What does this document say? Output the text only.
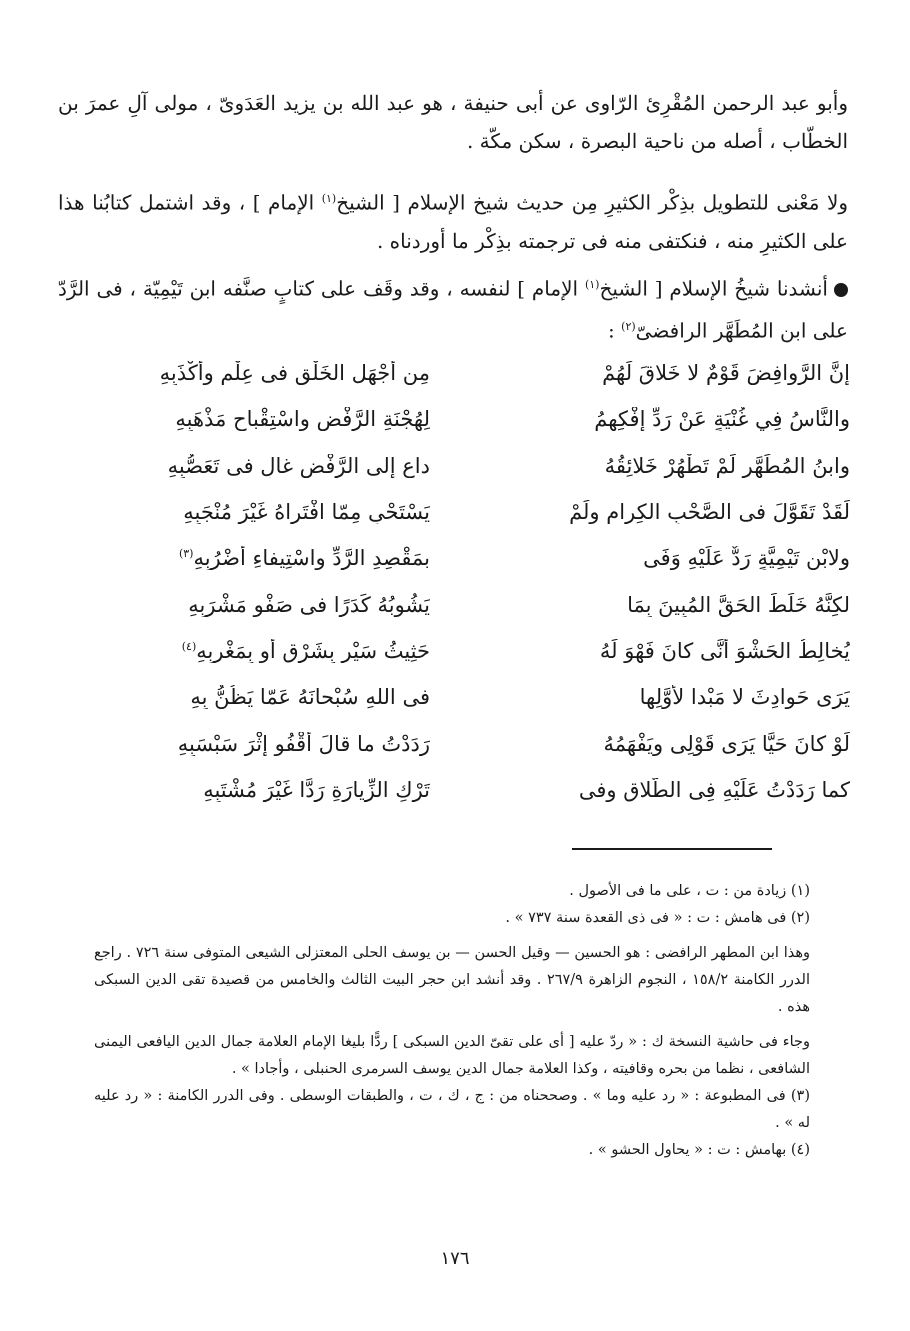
وأبو عبد الرحمن المُقْرِئ الرّاوى عن أبى حنيفة ، هو عبد الله بن يزيد العَدَوىّ ، مولى آلِ عمرَ بن الخطّاب ، أصله من ناحية البصرة ، سكن مكّة .

ولا مَعْنى للتطويل بذِكْر الكثيرِ مِن حديث شيخ الإسلام [ الشيخ$^{(١)}$ الإمام ] ، وقد اشتمل كتابُنا هذا على الكثيرِ منه ، فنكتفى منه فى ترجمته بذِكْر ما أوردناه .

أنشدنا شيخُ الإسلام [ الشيخ$^{(١)}$ الإمام ] لنفسه ، وقد وقَف على كتابٍ صنَّفه ابن تَيْمِيّة ، فى الرَّدّ على ابن المُطَهَّر الرافضىّ$^{(٢)}$ :

إنَّ الرَّوافِضَ قَوْمٌ لا خَلاقَ لَهُمْ
مِن أجْهَلِ الخَلْقِ فى عِلْمٍ وأَكْذَبِهِ
والنَّاسُ فِي غُنْيَةٍ عَنْ رَدِّ إفْكِهِمُ
لِهُجْنَةِ الرَّفْضِ واسْتِقْباحِ مَذْهَبِهِ
وابنُ المُطَهَّرِ لَمْ تَطْهُرْ خَلائِقُهُ
داعٍ إلى الرَّفْضِ غالٍ فى تَعَصُّبِهِ
لَقَدْ تَقَوَّلَ فى الصَّحْبِ الكِرامِ ولَمْ
يَسْتَحْىِ مِمّا افْتَراهُ غَيْرَ مُنْجَبِهِ
ولابْنِ تَيْمِيَّةٍ رَدٌّ عَلَيْهِ وَفَى
بمَقْصِدِ الرَّدِّ واسْتِيفاءِ أضْرُبِهِ$^{(٣)}$
لكِنَّهُ خَلَطَ الحَقَّ المُبِينَ بِمَا
يَشُوبُهُ كَدَرًا فى صَفْوِ مَشْرَبِهِ
يُخالِطُ الحَشْوَ أنَّى كانَ فَهْوَ لَهُ
حَثِيثُ سَيْرٍ بِشَرْقٍ أو بِمَغْرِبِهِ$^{(٤)}$
يَرَى حَوادِثَ لا مَبْدا لأَوَّلِها
فى اللهِ سُبْحانَهُ عَمّا يَظُنُّ بِهِ
لَوْ كانَ حَيًّا يَرَى قَوْلِى ويَفْهَمُهُ
رَدَدْتُ ما قالَ أقْفُو إثْرَ سَبْسَبِهِ
كما رَدَدْتُ عَلَيْهِ فِى الطَّلاقِ وفى
تَرْكِ الزِّيارَةِ رَدًّا غَيْرَ مُشْتَبِهِ

(١) زيادة من : ت ، على ما فى الأصول .

(٢) فى هامش : ت : « فى ذى القعدة سنة ٧٣٧ » .

وهذا ابن المطهر الرافضى : هو الحسين — وقيل الحسن — بن يوسف الحلى المعتزلى الشيعى المتوفى سنة ٧٢٦ . راجع الدرر الكامنة ١٥٨/٢ ، النجوم الزاهرة ٢٦٧/٩ . وقد أنشد ابن حجر البيت الثالث والخامس من قصيدة تقى الدين السبكى هذه .

وجاء فى حاشية النسخة ك : « ردّ عليه [ أى على تقىّ الدين السبكى ] ردًّا بليغا الإمام العلامة جمال الدين اليافعى اليمنى الشافعى ، نظما من بحره وقافيته ، وكذا العلامة جمال الدين يوسف السرمرى الحنبلى ، وأجادا » .

(٣) فى المطبوعة : « رد عليه وما » . وصححناه من : ج ، ك ، ت ، والطبقات الوسطى . وفى الدرر الكامنة : « رد عليه له » .

(٤) بهامش : ت : « يحاول الحشو » .

١٧٦
